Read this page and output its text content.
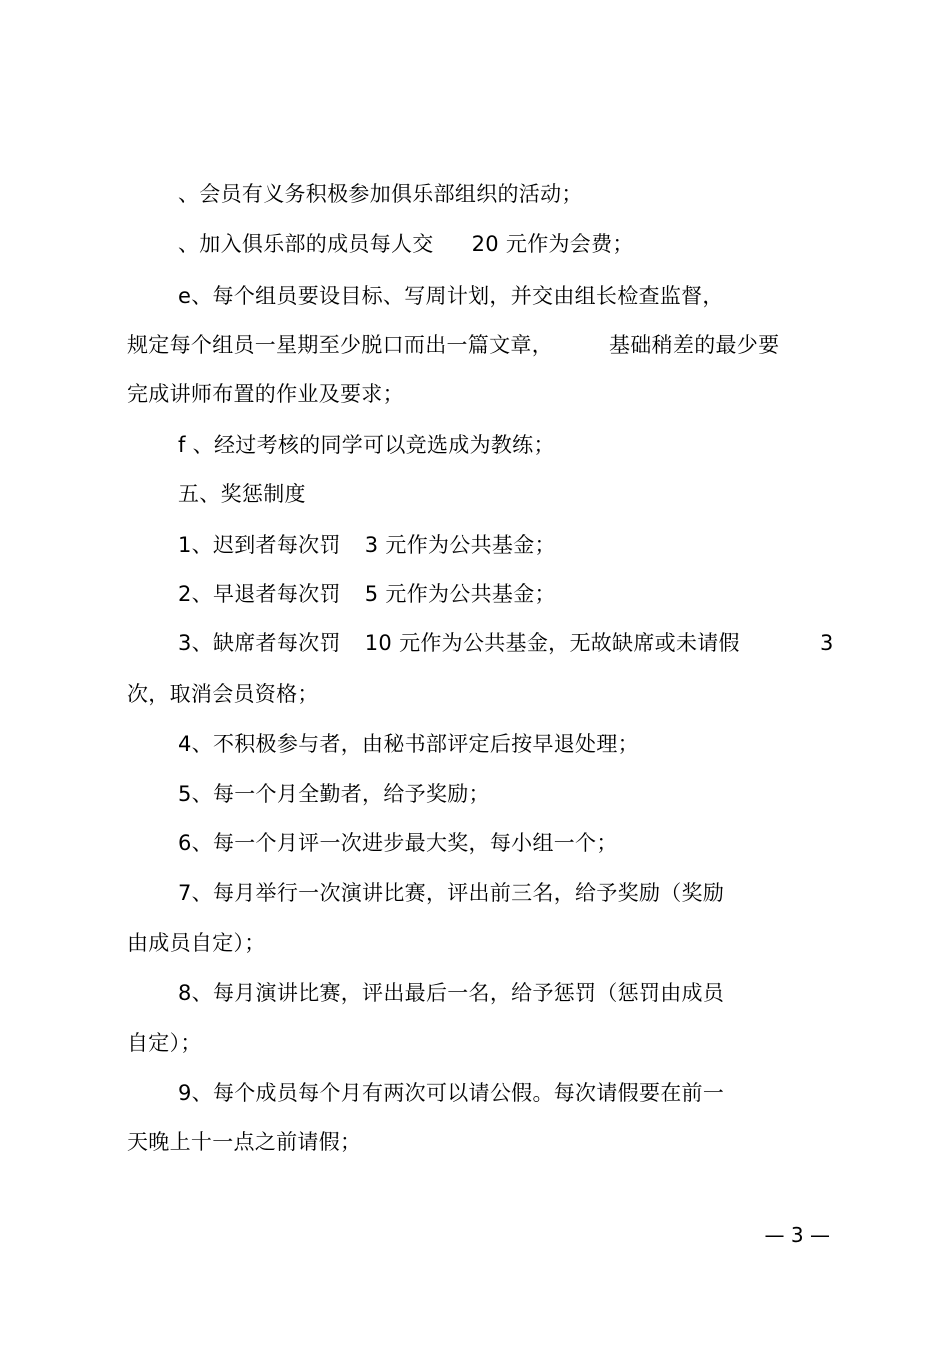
、会员有义务积极参加俱乐部组织的活动；
、加入俱乐部的成员每人交 20 元作为会费；
e、每个组员要设目标、写周计划，并交由组长检查监督，
规定每个组员一星期至少脱口而出一篇文章，	基础稍差的最少要
完成讲师布置的作业及要求；
f 、经过考核的同学可以竞选成为教练；
五、奖惩制度
1、迟到者每次罚 3 元作为公共基金；
2、早退者每次罚 5 元作为公共基金；
3、缺席者每次罚 10 元作为公共基金，无故缺席或未请假	3
次，取消会员资格；
4、不积极参与者，由秘书部评定后按早退处理；
5、每一个月全勤者，给予奖励；
6、每一个月评一次进步最大奖，每小组一个；
7、每月举行一次演讲比赛，评出前三名，给予奖励（奖励
由成员自定）；
8、每月演讲比赛，评出最后一名，给予惩罚（惩罚由成员
自定）；
9、每个成员每个月有两次可以请公假。每次请假要在前一
天晚上十一点之前请假；
— 3 —
